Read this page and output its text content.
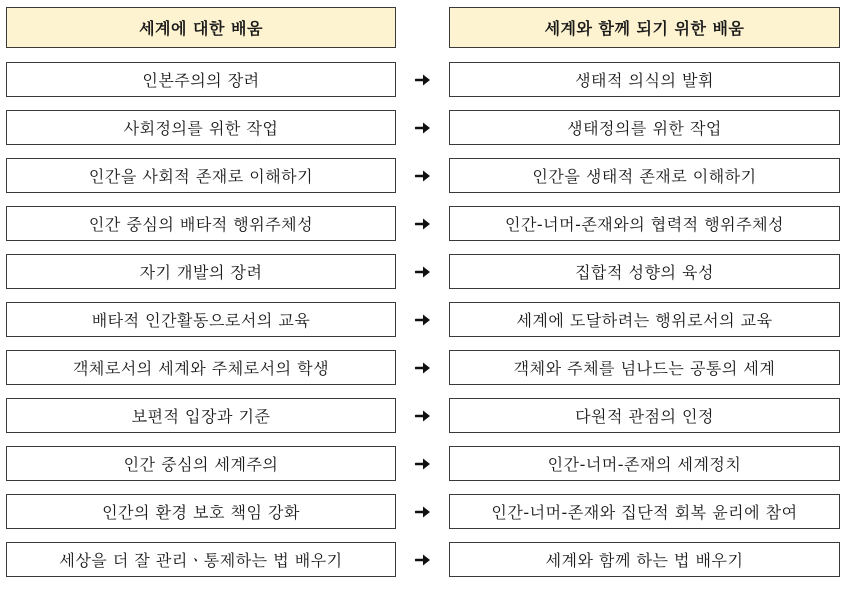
세계에 대한 배움	세계와 함께 되기 위한 배움
인본주의의 장려	생태적 의식의 발휘
사회정의를 위한 작업	생태정의를 위한 작업
인간을 사회적 존재로 이해하기	인간을 생태적 존재로 이해하기
인간 중심의 배타적 행위주체성	인간-너머-존재와의 협력적 행위주체성
자기 개발의 장려	집합적 성향의 육성
배타적 인간활동으로서의 교육	세계에 도달하려는 행위로서의 교육
객체로서의 세계와 주체로서의 학생	객체와 주체를 넘나드는 공통의 세계
보편적 입장과 기준	다원적 관점의 인정
인간 중심의 세계주의	인간-너머-존재의 세계정치
인간의 환경 보호 책임 강화	인간-너머-존재와 집단적 회복 윤리에 참여
세상을 더 잘 관리ㆍ통제하는 법 배우기	세계와 함께 하는 법 배우기
